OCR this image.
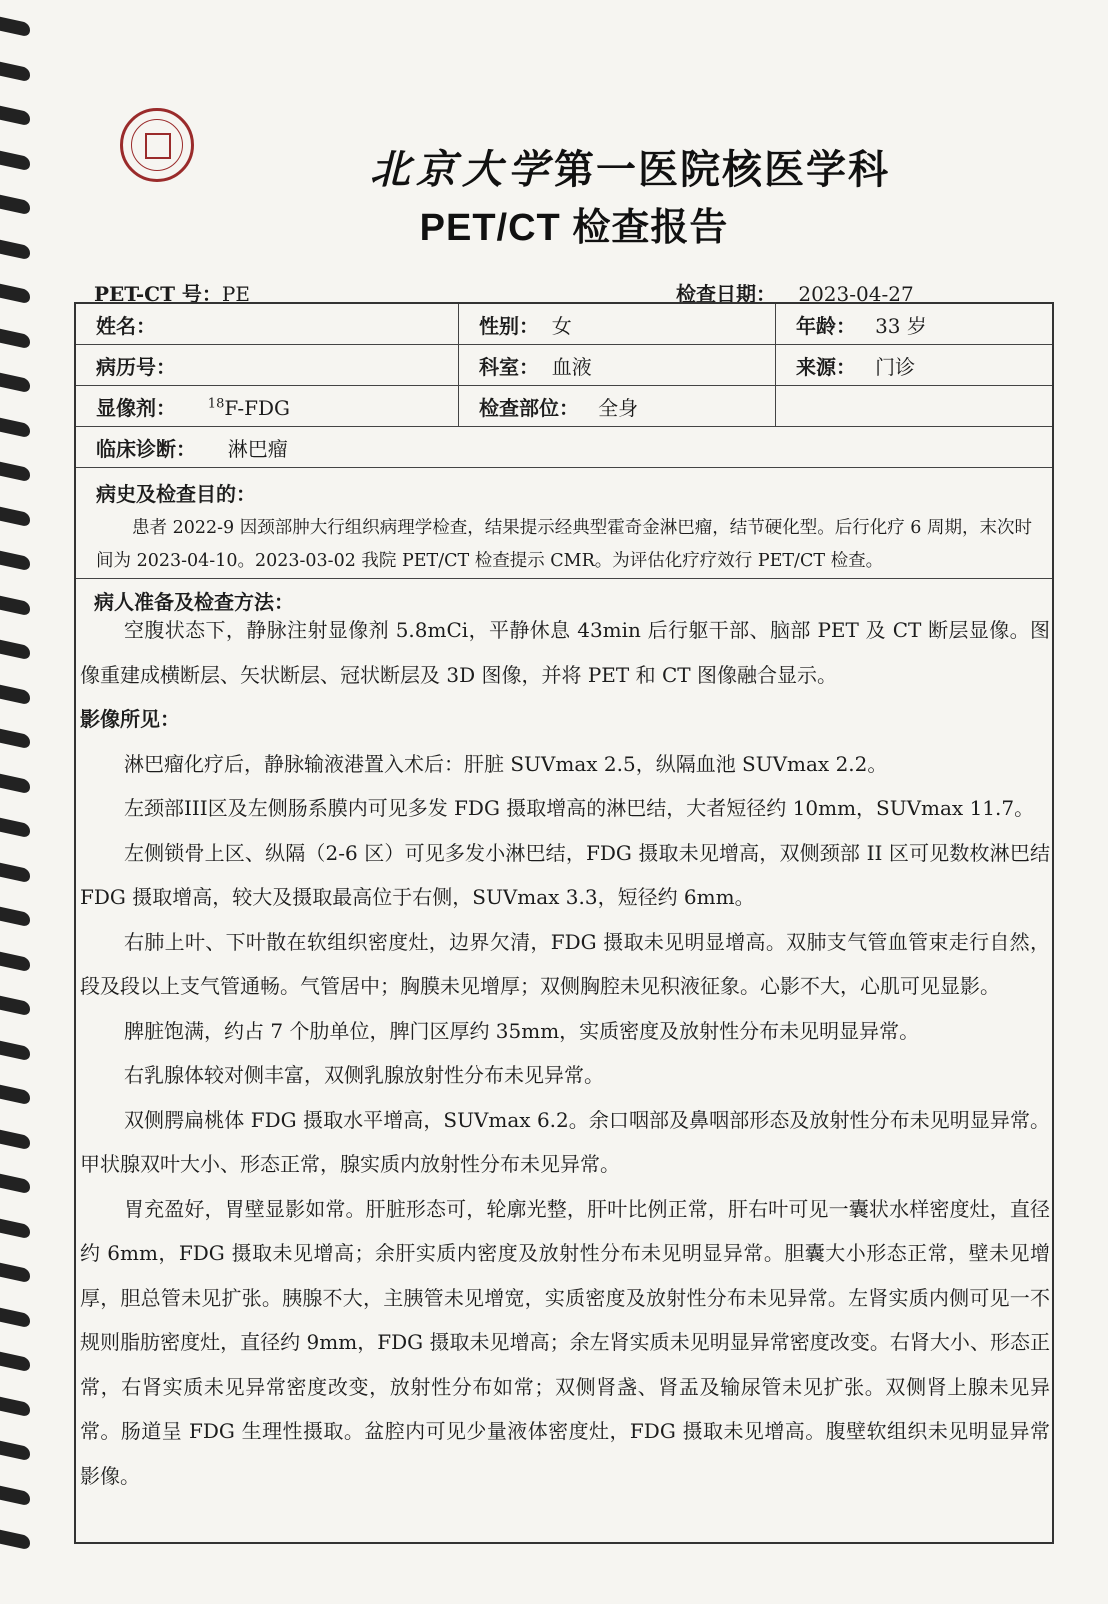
北京大学第一医院核医学科
PET/CT 检查报告
PET-CT 号：PE	检查日期： 2023-04-27
姓名：	性别： 女	年龄： 33 岁
病历号：	科室： 血液	来源： 门诊
显像剂： $^{18}$F-FDG	检查部位： 全身	
临床诊断： 淋巴瘤		
病史及检查目的：
患者 2022-9 因颈部肿大行组织病理学检查，结果提示经典型霍奇金淋巴瘤，结节硬化型。后行化疗 6 周期，末次时间为 2023-04-10。2023-03-02 我院 PET/CT 检查提示 CMR。为评估化疗疗效行 PET/CT 检查。
病人准备及检查方法：

空腹状态下，静脉注射显像剂 5.8mCi，平静休息 43min 后行躯干部、脑部 PET 及 CT 断层显像。图像重建成横断层、矢状断层、冠状断层及 3D 图像，并将 PET 和 CT 图像融合显示。

影像所见：

淋巴瘤化疗后，静脉输液港置入术后：肝脏 SUVmax 2.5，纵隔血池 SUVmax 2.2。

左颈部III区及左侧肠系膜内可见多发 FDG 摄取增高的淋巴结，大者短径约 10mm，SUVmax 11.7。

左侧锁骨上区、纵隔（2-6 区）可见多发小淋巴结，FDG 摄取未见增高，双侧颈部 II 区可见数枚淋巴结 FDG 摄取增高，较大及摄取最高位于右侧，SUVmax 3.3，短径约 6mm。

右肺上叶、下叶散在软组织密度灶，边界欠清，FDG 摄取未见明显增高。双肺支气管血管束走行自然，段及段以上支气管通畅。气管居中；胸膜未见增厚；双侧胸腔未见积液征象。心影不大，心肌可见显影。

脾脏饱满，约占 7 个肋单位，脾门区厚约 35mm，实质密度及放射性分布未见明显异常。

右乳腺体较对侧丰富，双侧乳腺放射性分布未见异常。

双侧腭扁桃体 FDG 摄取水平增高，SUVmax 6.2。余口咽部及鼻咽部形态及放射性分布未见明显异常。甲状腺双叶大小、形态正常，腺实质内放射性分布未见异常。

胃充盈好，胃壁显影如常。肝脏形态可，轮廓光整，肝叶比例正常，肝右叶可见一囊状水样密度灶，直径约 6mm，FDG 摄取未见增高；余肝实质内密度及放射性分布未见明显异常。胆囊大小形态正常，壁未见增厚，胆总管未见扩张。胰腺不大，主胰管未见增宽，实质密度及放射性分布未见异常。左肾实质内侧可见一不规则脂肪密度灶，直径约 9mm，FDG 摄取未见增高；余左肾实质未见明显异常密度改变。右肾大小、形态正常，右肾实质未见异常密度改变，放射性分布如常；双侧肾盏、肾盂及输尿管未见扩张。双侧肾上腺未见异常。肠道呈 FDG 生理性摄取。盆腔内可见少量液体密度灶，FDG 摄取未见增高。腹壁软组织未见明显异常影像。
